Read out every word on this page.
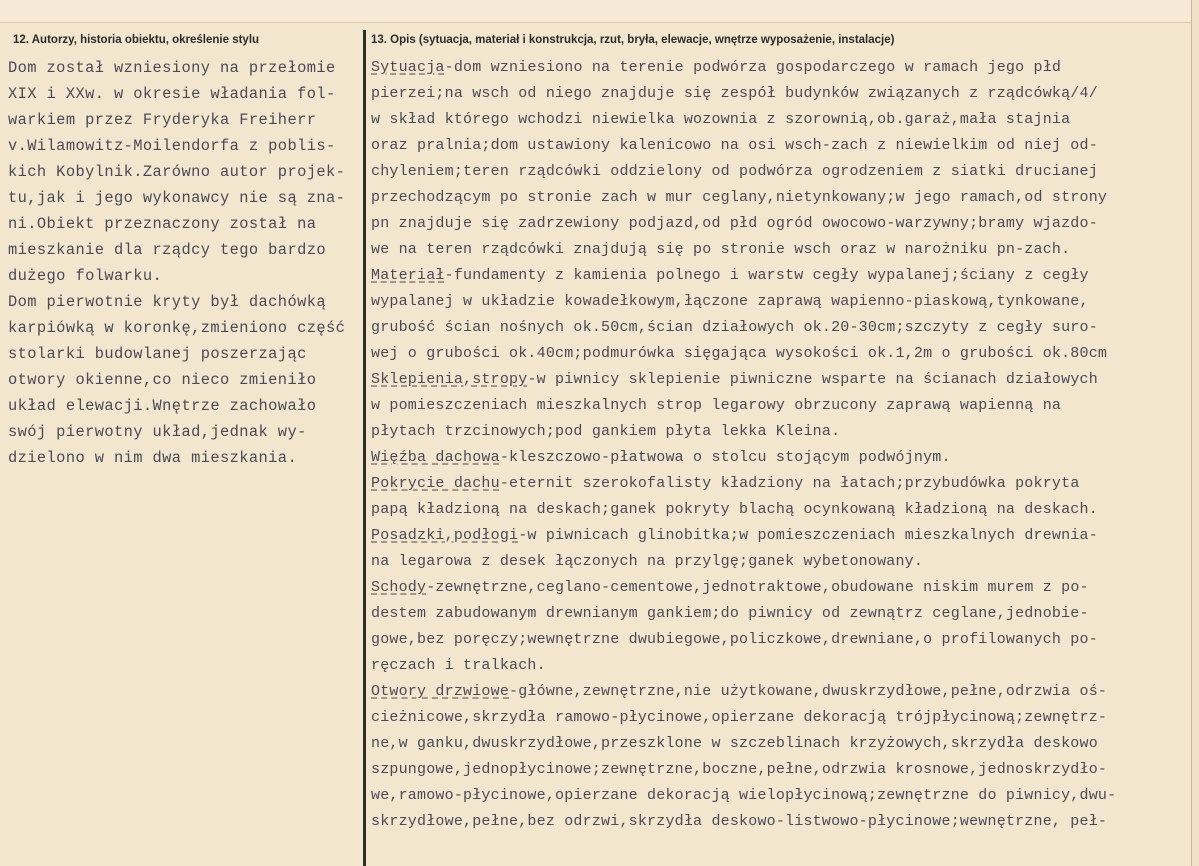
12. Autorzy, historia obiektu, określenie stylu	13. Opis (sytuacja, materiał i konstrukcja, rzut, bryła, elewacje, wnętrze wyposażenie, instalacje)
Dom został wzniesiony na przełomie
XIX i XXw. w okresie władania fol-
warkiem przez Fryderyka Freiherr
v.Wilamowitz-Moilendorfa z poblis-
kich Kobylnik.Zarówno autor projek-
tu,jak i jego wykonawcy nie są zna-
ni.Obiekt przeznaczony został na
mieszkanie dla rządcy tego bardzo
dużego folwarku.
Dom pierwotnie kryty był dachówką
karpiówką w koronkę,zmieniono część
stolarki budowlanej poszerzając
otwory okienne,co nieco zmieniło
układ elewacji.Wnętrze zachowało
swój pierwotny układ,jednak wy-
dzielono w nim dwa mieszkania.
Sytuacja-dom wzniesiono na terenie podwórza gospodarczego w ramach jego płd
pierzei;na wsch od niego znajduje się zespół budynków związanych z rządcówką/4/
w skład którego wchodzi niewielka wozownia z szorownią,ob.garaż,mała stajnia
oraz pralnia;dom ustawiony kalenicowo na osi wsch-zach z niewielkim od niej od-
chyleniem;teren rządcówki oddzielony od podwórza ogrodzeniem z siatki drucianej
przechodzącym po stronie zach w mur ceglany,nietynkowany;w jego ramach,od strony
pn znajduje się zadrzewiony podjazd,od płd ogród owocowo-warzywny;bramy wjazdo-
we na teren rządcówki znajdują się po stronie wsch oraz w narożniku pn-zach.
Materiał-fundamenty z kamienia polnego i warstw cegły wypalanej;ściany z cegły
wypalanej w układzie kowadełkowym,łączone zaprawą wapienno-piaskową,tynkowane,
grubość ścian nośnych ok.50cm,ścian działowych ok.20-30cm;szczyty z cegły suro-
wej o grubości ok.40cm;podmurówka sięgająca wysokości ok.1,2m o grubości ok.80cm
Sklepienia,stropy-w piwnicy sklepienie piwniczne wsparte na ścianach działowych
w pomieszczeniach mieszkalnych strop legarowy obrzucony zaprawą wapienną na
płytach trzcinowych;pod gankiem płyta lekka Kleina.
Więźba dachowa-kleszczowo-płatwowa o stolcu stojącym podwójnym.
Pokrycie dachu-eternit szerokofalisty kładziony na łatach;przybudówka pokryta
papą kładzioną na deskach;ganek pokryty blachą ocynkowaną kładzioną na deskach.
Posadzki,podłogi-w piwnicach glinobitka;w pomieszczeniach mieszkalnych drewnia-
na legarowa z desek łączonych na przylgę;ganek wybetonowany.
Schody-zewnętrzne,ceglano-cementowe,jednotraktowe,obudowane niskim murem z po-
destem zabudowanym drewnianym gankiem;do piwnicy od zewnątrz ceglane,jednobie-
gowe,bez poręczy;wewnętrzne dwubiegowe,policzkowe,drewniane,o profilowanych po-
ręczach i tralkach.
Otwory drzwiowe-główne,zewnętrzne,nie użytkowane,dwuskrzydłowe,pełne,odrzwia oś-
cieżnicowe,skrzydła ramowo-płycinowe,opierzane dekoracją trójpłycinową;zewnętrz-
ne,w ganku,dwuskrzydłowe,przeszklone w szczeblinach krzyżowych,skrzydła deskowo
szpungowe,jednopłycinowe;zewnętrzne,boczne,pełne,odrzwia krosnowe,jednoskrzydło-
we,ramowo-płycinowe,opierzane dekoracją wielopłycinową;zewnętrzne do piwnicy,dwu-
skrzydłowe,pełne,bez odrzwi,skrzydła deskowo-listwowo-płycinowe;wewnętrzne, peł-
